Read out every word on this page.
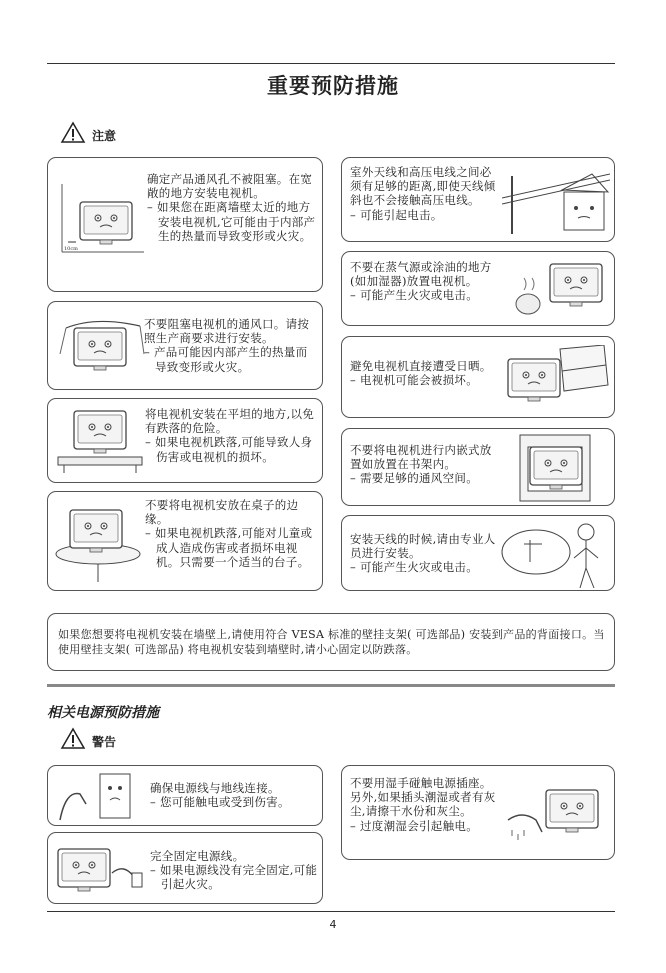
重要预防措施
注意
10cm
确定产品通风孔不被阻塞。在宽敞的地方安装电视机。
– 如果您在距离墙壁太近的地方安装电视机,它可能由于内部产生的热量而导致变形或火灾。
室外天线和高压电线之间必须有足够的距离,即使天线倾斜也不会接触高压电线。
– 可能引起电击。
不要在蒸气源或涂油的地方(如加湿器)放置电视机。
– 可能产生火灾或电击。
不要阻塞电视机的通风口。请按照生产商要求进行安装。
– 产品可能因内部产生的热量而导致变形或火灾。	避免电视机直接遭受日晒。
– 电视机可能会被损坏。
将电视机安装在平坦的地方,以免有跌落的危险。
– 如果电视机跌落,可能导致人身伤害或电视机的损坏。	不要将电视机进行内嵌式放置如放置在书架内。
– 需要足够的通风空间。
不要将电视机安放在桌子的边缘。
– 如果电视机跌落,可能对儿童或成人造成伤害或者损坏电视机。只需要一个适当的台子。
安装天线的时候,请由专业人员进行安装。
– 可能产生火灾或电击。
如果您想要将电视机安装在墙壁上,请使用符合 VESA 标准的壁挂支架( 可选部品) 安装到产品的背面接口。当使用壁挂支架( 可选部品) 将电视机安装到墙壁时,请小心固定以防跌落。
相关电源预防措施
警告
确保电源线与地线连接。
– 您可能触电或受到伤害。
不要用湿手碰触电源插座。另外,如果插头潮湿或者有灰尘,请擦干水份和灰尘。
– 过度潮湿会引起触电。
完全固定电源线。
– 如果电源线没有完全固定,可能引起火灾。
4
